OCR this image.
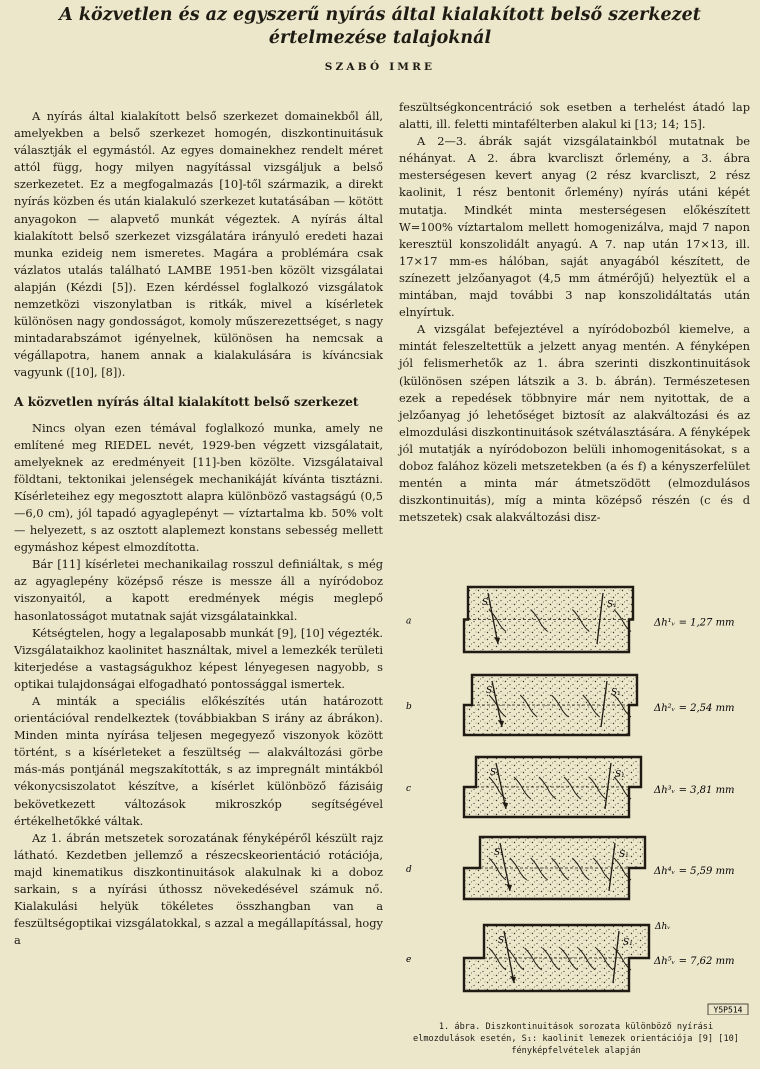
A közvetlen és az egyszerű nyírás által kialakított belső szerkezet
értelmezése talajoknál
SZABÓ IMRE

A nyírás által kialakított belső szerkezet domainekből áll, amelyekben a belső szerkezet homogén, diszkontinuitásuk választják el egymástól. Az egyes domainekhez rendelt méret attól függ, hogy milyen nagyítással vizsgáljuk a belső szerkezetet. Ez a megfogalmazás [10]-től származik, a direkt nyírás közben és után kialakuló szerkezet kutatásában — kötött anyagokon — alapvető munkát végeztek. A nyírás által kialakított belső szerkezet vizsgálatára irányuló eredeti hazai munka ezideig nem ismeretes. Magára a problémára csak vázlatos utalás található LAMBE 1951-ben közölt vizsgálatai alapján (Kézdi [5]). Ezen kérdéssel foglalkozó vizsgálatok nemzetközi viszonylatban is ritkák, mivel a kísérletek különösen nagy gondosságot, komoly műszerezettséget, s nagy mintadarabszámot igényelnek, különösen ha nemcsak a végállapotra, hanem annak a kialakulására is kíváncsiak vagyunk ([10], [8]).

A közvetlen nyírás által kialakított belső szerkezet

Nincs olyan ezen témával foglalkozó munka, amely ne említené meg RIEDEL nevét, 1929-ben végzett vizsgálatait, amelyeknek az eredményeit [11]-ben közölte. Vizsgálataival földtani, tektonikai jelenségek mechanikáját kívánta tisztázni. Kísérleteihez egy megosztott alapra különböző vastagságú (0,5—6,0 cm), jól tapadó agyaglepényt — víztartalma kb. 50% volt — helyezett, s az osztott alaplemezt konstans sebesség mellett egymáshoz képest elmozdította.

Bár [11] kísérletei mechanikailag rosszul definiáltak, s még az agyaglepény középső része is messze áll a nyíródoboz viszonyaitól, a kapott eredmények mégis meglepő hasonlatosságot mutatnak saját vizsgálatainkkal.

Kétségtelen, hogy a legalaposabb munkát [9], [10] végezték. Vizsgálataikhoz kaolinitet használtak, mivel a lemezkék területi kiterjedése a vastagságukhoz képest lényegesen nagyobb, s optikai tulajdonságai elfogadható pontossággal ismertek.

A minták a speciális előkészítés után határozott orientációval rendelkeztek (továbbiakban S irány az ábrákon). Minden minta nyírása teljesen megegyező viszonyok között történt, s a kísérleteket a feszültség — alakváltozási görbe más-más pontjánál megszakították, s az impregnált mintákból vékonycsiszolatot készítve, a kísérlet különböző fázisáig bekövetkezett változások mikroszkóp segítségével értékelhetőkké váltak.

Az 1. ábrán metszetek sorozatának fényképéről készült rajz látható. Kezdetben jellemző a részecskeorientáció rotációja, majd kinematikus diszkontinuitások alakulnak ki a doboz sarkain, s a nyírási úthossz növekedésével számuk nő. Kialakulási helyük tökéletes összhangban van a feszültségoptikai vizsgálatokkal, s azzal a megállapítással, hogy a

feszültségkoncentráció sok esetben a terhelést átadó lap alatti, ill. feletti mintafélterben alakul ki [13; 14; 15].

A 2—3. ábrák saját vizsgálatainkból mutatnak be néhányat. A 2. ábra kvarcliszt őrlemény, a 3. ábra mesterségesen kevert anyag (2 rész kvarcliszt, 2 rész kaolinit, 1 rész bentonit őrlemény) nyírás utáni képét mutatja. Mindkét minta mesterségesen előkészített W=100% víztartalom mellett homogenizálva, majd 7 napon keresztül konszolidált anyagú. A 7. nap után 17×13, ill. 17×17 mm-es hálóban, saját anyagából készített, de színezett jelzőanyagot (4,5 mm átmérőjű) helyeztük el a mintában, majd további 3 nap konszolidáltatás után elnyírtuk.

A vizsgálat befejeztével a nyíródobozból kiemelve, a mintát feleszeltettük a jelzett anyag mentén. A fényképen jól felismerhetők az 1. ábra szerinti diszkontinuitások (különösen szépen látszik a 3. b. ábrán). Természetesen ezek a repedések többnyire már nem nyitottak, de a jelzőanyag jó lehetőséget biztosít az alakváltozási és az elmozdulási diszkontinuitások szétválasztására. A fényképek jól mutatják a nyíródobozon belüli inhomogenitásokat, s a doboz falához közeli metszetekben (a és f) a kényszerfelület mentén a minta már átmetszödött (elmozdulásos diszkontinuitás), míg a minta középső részén (c és d metszetek) csak alakváltozási disz-

a
S₁	S₁
Δh¹ᵥ = 1,27 mm
b
S₁	S₁
Δh²ᵥ = 2,54 mm
c
S₁	S₁
Δh³ᵥ = 3,81 mm
d
S₁	S₁
Δh⁴ᵥ = 5,59 mm
e
S₁	S₁
Δh⁵ᵥ = 7,62 mm
Δhᵥ
Y5P514
1. ábra. Diszkontinuitások sorozata különböző nyírási elmozdulások esetén, S₁: kaolinit lemezek orientációja [9] [10] fényképfelvételek alapján
